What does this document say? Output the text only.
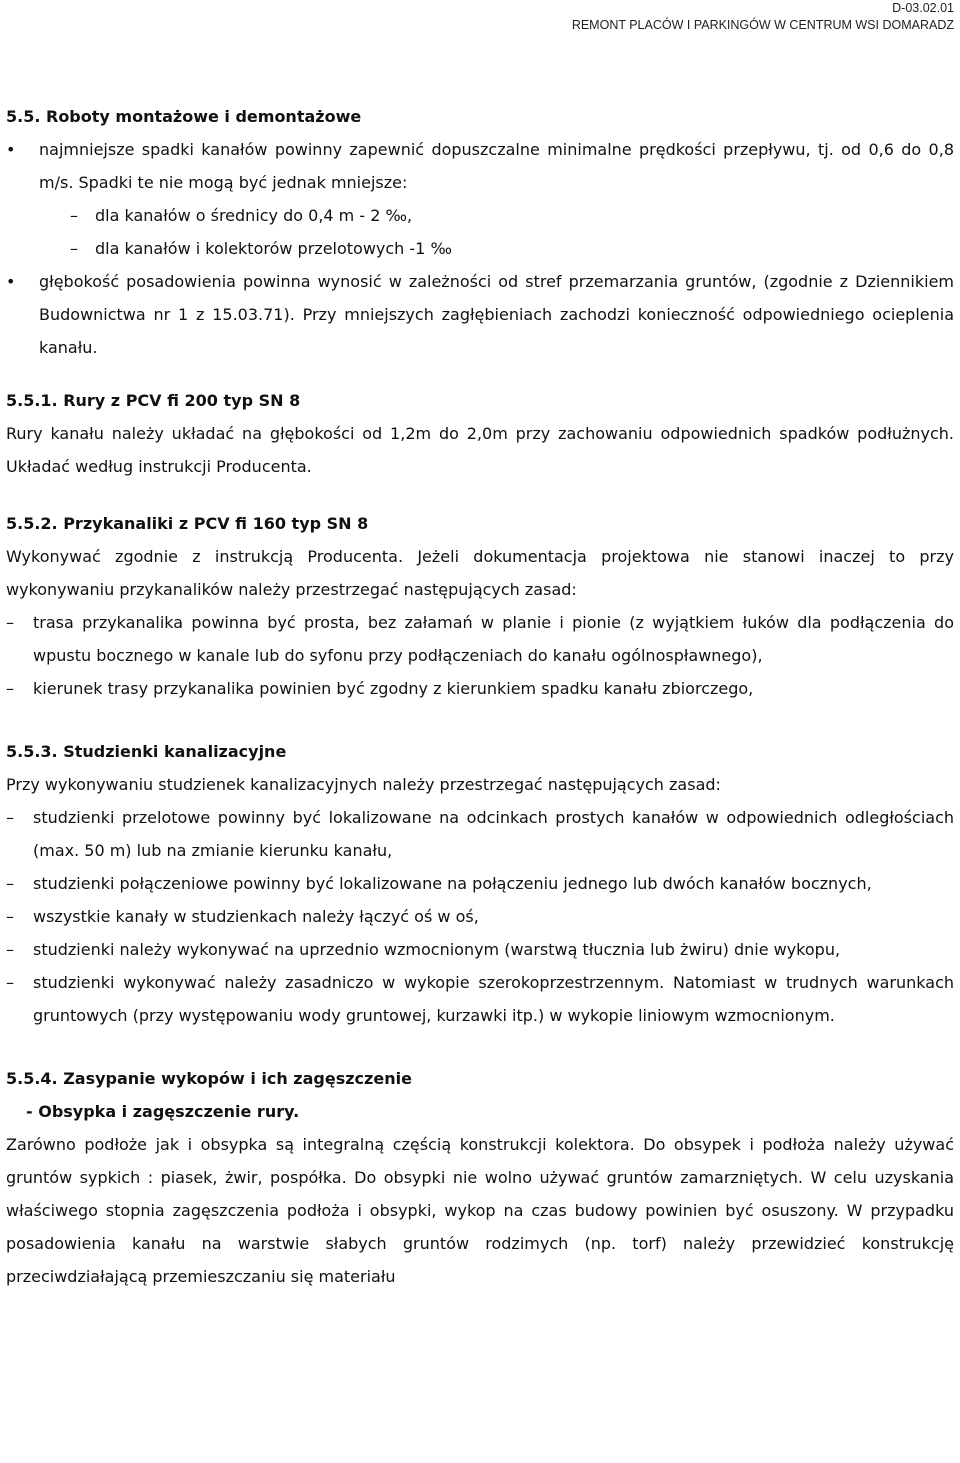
D-03.02.01
REMONT PLACÓW I PARKINGÓW W CENTRUM WSI DOMARADZ

5.5. Roboty montażowe i demontażowe

• najmniejsze spadki kanałów powinny zapewnić dopuszczalne minimalne prędkości przepływu, tj. od 0,6 do 0,8 m/s. Spadki te nie mogą być jednak mniejsze:
– dla kanałów o średnicy do 0,4 m - 2 ‰,
– dla kanałów i kolektorów przelotowych -1 ‰
• głębokość posadowienia powinna wynosić w zależności od stref przemarzania gruntów, (zgodnie z Dziennikiem Budownictwa nr 1 z 15.03.71). Przy mniejszych zagłębieniach zachodzi konieczność odpowiedniego ocieplenia kanału.

5.5.1. Rury z PCV fi 200 typ SN 8

Rury kanału należy układać na głębokości od 1,2m do 2,0m przy zachowaniu odpowiednich spadków podłużnych. Układać według instrukcji Producenta.

5.5.2. Przykanaliki z PCV fi 160 typ SN 8

Wykonywać zgodnie z instrukcją Producenta. Jeżeli dokumentacja projektowa nie stanowi inaczej to przy wykonywaniu przykanalików należy przestrzegać następujących zasad:

– trasa przykanalika powinna być prosta, bez załamań w planie i pionie (z wyjątkiem łuków dla podłączenia do wpustu bocznego w kanale lub do syfonu przy podłączeniach do kanału ogólnospławnego),
– kierunek trasy przykanalika powinien być zgodny z kierunkiem spadku kanału zbiorczego,

5.5.3. Studzienki kanalizacyjne

Przy wykonywaniu studzienek kanalizacyjnych należy przestrzegać następujących zasad:

– studzienki przelotowe powinny być lokalizowane na odcinkach prostych kanałów w odpowiednich odległościach (max. 50 m) lub na zmianie kierunku kanału,
– studzienki połączeniowe powinny być lokalizowane na połączeniu jednego lub dwóch kanałów bocznych,
– wszystkie kanały w studzienkach należy łączyć oś w oś,
– studzienki należy wykonywać na uprzednio wzmocnionym (warstwą tłucznia lub żwiru) dnie wykopu,
– studzienki wykonywać należy zasadniczo w wykopie szerokoprzestrzennym. Natomiast w trudnych warunkach gruntowych (przy występowaniu wody gruntowej, kurzawki itp.) w wykopie liniowym wzmocnionym.

5.5.4. Zasypanie wykopów i ich zagęszczenie

- Obsypka i zagęszczenie rury.

Zarówno podłoże jak i obsypka są integralną częścią konstrukcji kolektora. Do obsypek i podłoża należy używać gruntów sypkich : piasek, żwir, pospółka. Do obsypki nie wolno używać gruntów zamarzniętych. W celu uzyskania właściwego stopnia zagęszczenia podłoża i obsypki, wykop na czas budowy powinien być osuszony. W przypadku posadowienia kanału na warstwie słabych gruntów rodzimych (np. torf) należy przewidzieć konstrukcję przeciwdziałającą przemieszczaniu się materiału
